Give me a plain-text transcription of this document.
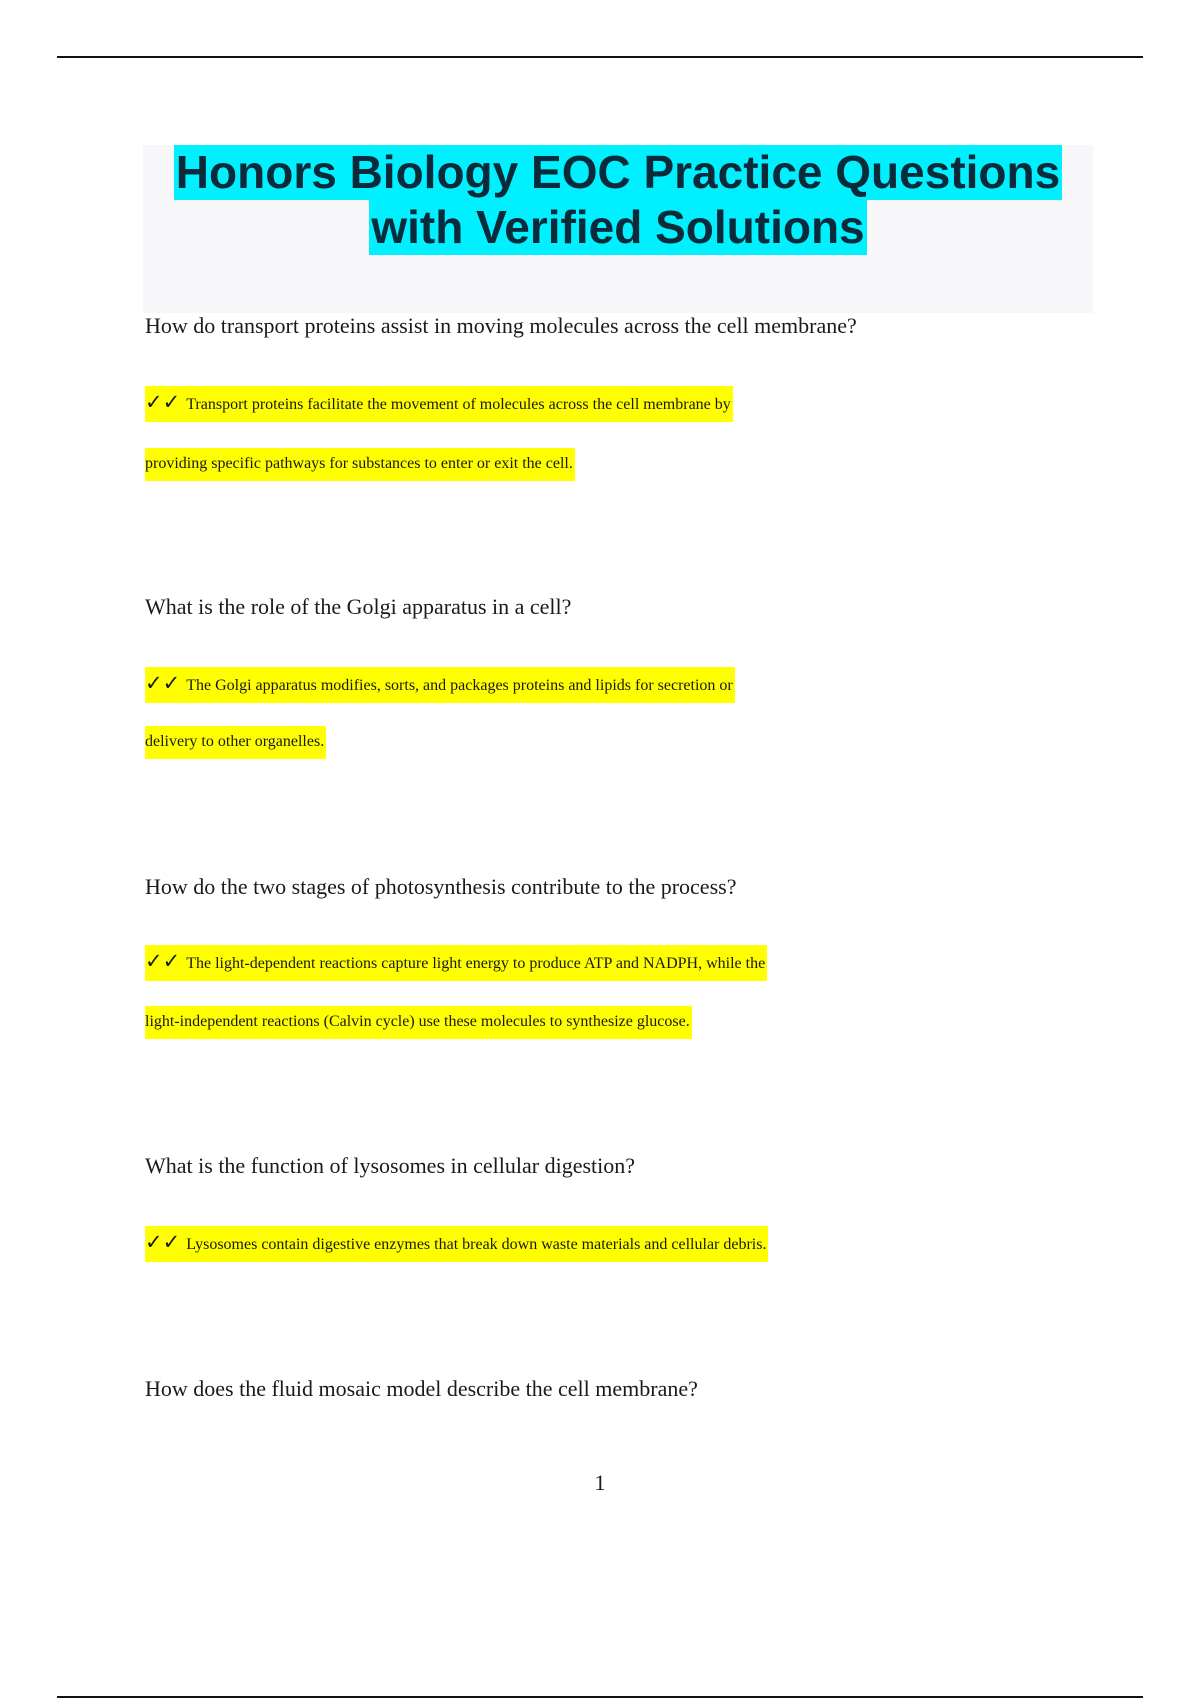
Honors Biology EOC Practice Questions
with Verified Solutions
How do transport proteins assist in moving molecules across the cell membrane?
✓✓ Transport proteins facilitate the movement of molecules across the cell membrane by
providing specific pathways for substances to enter or exit the cell.
What is the role of the Golgi apparatus in a cell?
✓✓ The Golgi apparatus modifies, sorts, and packages proteins and lipids for secretion or
delivery to other organelles.
How do the two stages of photosynthesis contribute to the process?
✓✓ The light-dependent reactions capture light energy to produce ATP and NADPH, while the
light-independent reactions (Calvin cycle) use these molecules to synthesize glucose.
What is the function of lysosomes in cellular digestion?
✓✓ Lysosomes contain digestive enzymes that break down waste materials and cellular debris.
How does the fluid mosaic model describe the cell membrane?
1
